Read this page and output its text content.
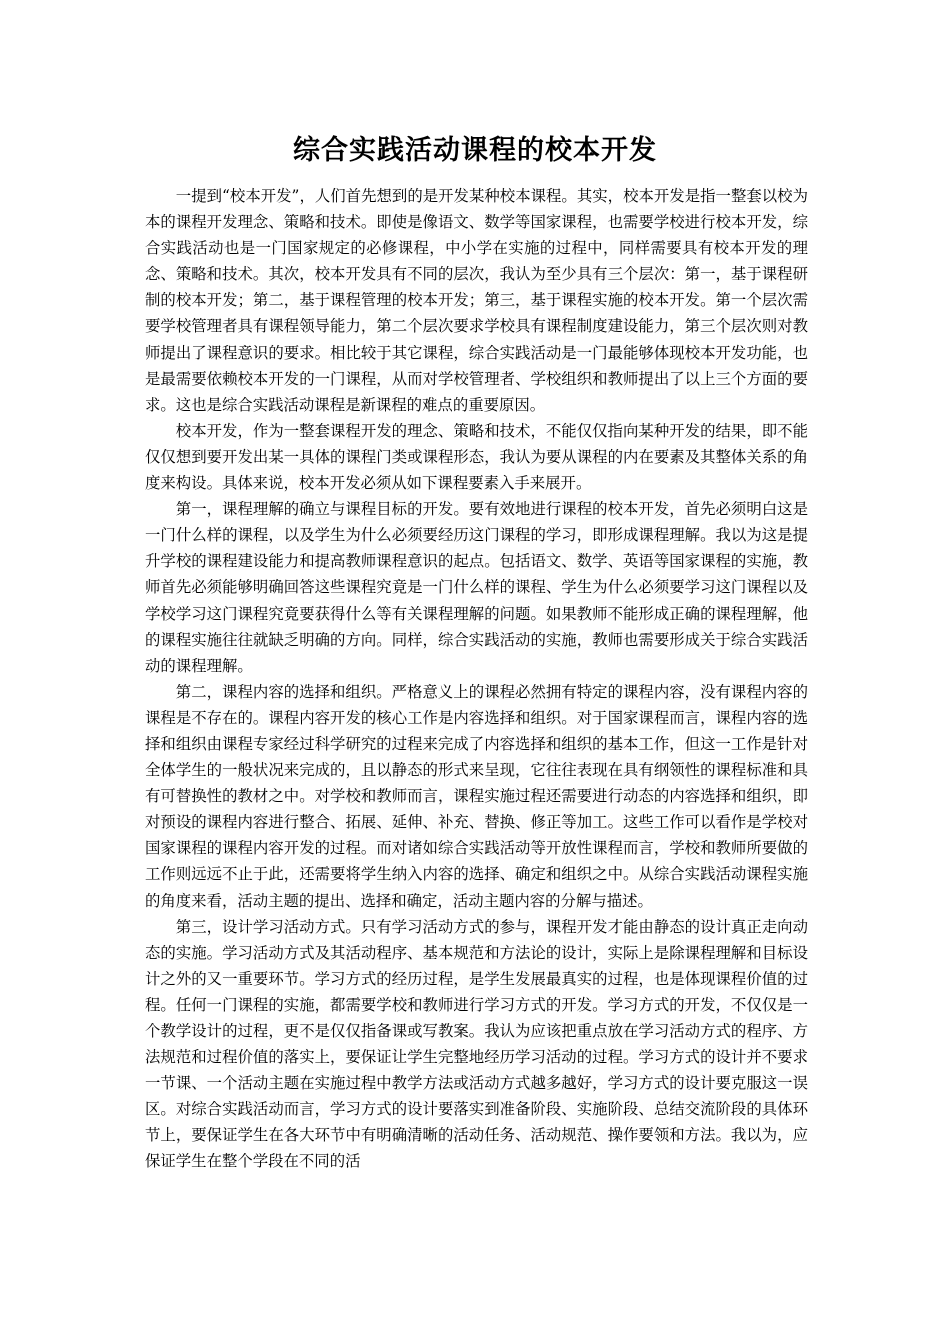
综合实践活动课程的校本开发

一提到“校本开发”，人们首先想到的是开发某种校本课程。其实，校本开发是指一整套以校为本的课程开发理念、策略和技术。即使是像语文、数学等国家课程，也需要学校进行校本开发，综合实践活动也是一门国家规定的必修课程，中小学在实施的过程中，同样需要具有校本开发的理念、策略和技术。其次，校本开发具有不同的层次，我认为至少具有三个层次：第一，基于课程研制的校本开发；第二，基于课程管理的校本开发；第三，基于课程实施的校本开发。第一个层次需要学校管理者具有课程领导能力，第二个层次要求学校具有课程制度建设能力，第三个层次则对教师提出了课程意识的要求。相比较于其它课程，综合实践活动是一门最能够体现校本开发功能，也是最需要依赖校本开发的一门课程，从而对学校管理者、学校组织和教师提出了以上三个方面的要求。这也是综合实践活动课程是新课程的难点的重要原因。

校本开发，作为一整套课程开发的理念、策略和技术，不能仅仅指向某种开发的结果，即不能仅仅想到要开发出某一具体的课程门类或课程形态，我认为要从课程的内在要素及其整体关系的角度来构设。具体来说，校本开发必须从如下课程要素入手来展开。

第一，课程理解的确立与课程目标的开发。要有效地进行课程的校本开发，首先必须明白这是一门什么样的课程，以及学生为什么必须要经历这门课程的学习，即形成课程理解。我以为这是提升学校的课程建设能力和提高教师课程意识的起点。包括语文、数学、英语等国家课程的实施，教师首先必须能够明确回答这些课程究竟是一门什么样的课程、学生为什么必须要学习这门课程以及学校学习这门课程究竟要获得什么等有关课程理解的问题。如果教师不能形成正确的课程理解，他的课程实施往往就缺乏明确的方向。同样，综合实践活动的实施，教师也需要形成关于综合实践活动的课程理解。

第二，课程内容的选择和组织。严格意义上的课程必然拥有特定的课程内容，没有课程内容的课程是不存在的。课程内容开发的核心工作是内容选择和组织。对于国家课程而言，课程内容的选择和组织由课程专家经过科学研究的过程来完成了内容选择和组织的基本工作，但这一工作是针对全体学生的一般状况来完成的，且以静态的形式来呈现，它往往表现在具有纲领性的课程标准和具有可替换性的教材之中。对学校和教师而言，课程实施过程还需要进行动态的内容选择和组织，即对预设的课程内容进行整合、拓展、延伸、补充、替换、修正等加工。这些工作可以看作是学校对国家课程的课程内容开发的过程。而对诸如综合实践活动等开放性课程而言，学校和教师所要做的工作则远远不止于此，还需要将学生纳入内容的选择、确定和组织之中。从综合实践活动课程实施的角度来看，活动主题的提出、选择和确定，活动主题内容的分解与描述。

第三，设计学习活动方式。只有学习活动方式的参与，课程开发才能由静态的设计真正走向动态的实施。学习活动方式及其活动程序、基本规范和方法论的设计，实际上是除课程理解和目标设计之外的又一重要环节。学习方式的经历过程，是学生发展最真实的过程，也是体现课程价值的过程。任何一门课程的实施，都需要学校和教师进行学习方式的开发。学习方式的开发，不仅仅是一个教学设计的过程，更不是仅仅指备课或写教案。我认为应该把重点放在学习活动方式的程序、方法规范和过程价值的落实上，要保证让学生完整地经历学习活动的过程。学习方式的设计并不要求一节课、一个活动主题在实施过程中教学方法或活动方式越多越好，学习方式的设计要克服这一误区。对综合实践活动而言，学习方式的设计要落实到准备阶段、实施阶段、总结交流阶段的具体环节上，要保证学生在各大环节中有明确清晰的活动任务、活动规范、操作要领和方法。我以为，应保证学生在整个学段在不同的活
